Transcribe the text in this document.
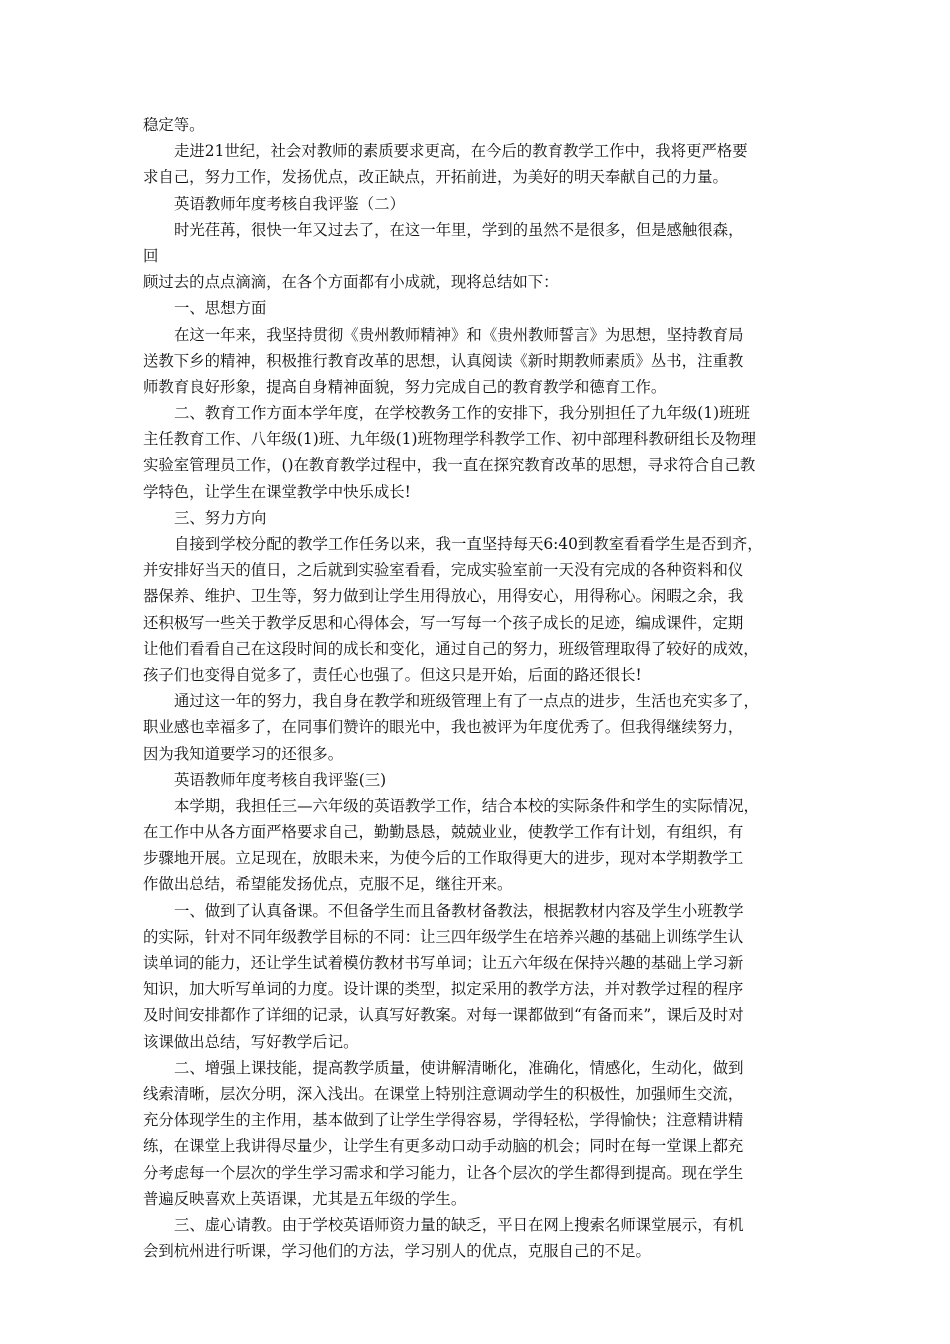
稳定等。
走进21世纪，社会对教师的素质要求更高，在今后的教育教学工作中，我将更严格要
求自己，努力工作，发扬优点，改正缺点，开拓前进，为美好的明天奉献自己的力量。
英语教师年度考核自我评鉴（二）
时光荏苒，很快一年又过去了，在这一年里，学到的虽然不是很多，但是感触很森，
回
顾过去的点点滴滴，在各个方面都有小成就，现将总结如下：
一、思想方面
在这一年来，我坚持贯彻《贵州教师精神》和《贵州教师誓言》为思想，坚持教育局
送教下乡的精神，积极推行教育改革的思想，认真阅读《新时期教师素质》丛书，注重教
师教育良好形象，提高自身精神面貌，努力完成自己的教育教学和德育工作。
二、教育工作方面本学年度，在学校教务工作的安排下，我分别担任了九年级(1)班班
主任教育工作、八年级(1)班、九年级(1)班物理学科教学工作、初中部理科教研组长及物理
实验室管理员工作，()在教育教学过程中，我一直在探究教育改革的思想，寻求符合自己教
学特色，让学生在课堂教学中快乐成长!
三、努力方向
自接到学校分配的教学工作任务以来，我一直坚持每天6:40到教室看看学生是否到齐，
并安排好当天的值日，之后就到实验室看看，完成实验室前一天没有完成的各种资料和仪
器保养、维护、卫生等，努力做到让学生用得放心，用得安心，用得称心。闲暇之余，我
还积极写一些关于教学反思和心得体会，写一写每一个孩子成长的足迹，编成课件，定期
让他们看看自己在这段时间的成长和变化，通过自己的努力，班级管理取得了较好的成效，
孩子们也变得自觉多了，责任心也强了。但这只是开始，后面的路还很长!
通过这一年的努力，我自身在教学和班级管理上有了一点点的进步，生活也充实多了，
职业感也幸福多了，在同事们赞许的眼光中，我也被评为年度优秀了。但我得继续努力，
因为我知道要学习的还很多。
英语教师年度考核自我评鉴(三)
本学期，我担任三—六年级的英语教学工作，结合本校的实际条件和学生的实际情况，
在工作中从各方面严格要求自己，勤勤恳恳，兢兢业业，使教学工作有计划，有组织，有
步骤地开展。立足现在，放眼未来，为使今后的工作取得更大的进步，现对本学期教学工
作做出总结，希望能发扬优点，克服不足，继往开来。
一、做到了认真备课。不但备学生而且备教材备教法，根据教材内容及学生小班教学
的实际，针对不同年级教学目标的不同：让三四年级学生在培养兴趣的基础上训练学生认
读单词的能力，还让学生试着模仿教材书写单词；让五六年级在保持兴趣的基础上学习新
知识，加大听写单词的力度。设计课的类型，拟定采用的教学方法，并对教学过程的程序
及时间安排都作了详细的记录，认真写好教案。对每一课都做到“有备而来”，课后及时对
该课做出总结，写好教学后记。
二、增强上课技能，提高教学质量，使讲解清晰化，准确化，情感化，生动化，做到
线索清晰，层次分明，深入浅出。在课堂上特别注意调动学生的积极性，加强师生交流，
充分体现学生的主作用，基本做到了让学生学得容易，学得轻松，学得愉快；注意精讲精
练，在课堂上我讲得尽量少，让学生有更多动口动手动脑的机会；同时在每一堂课上都充
分考虑每一个层次的学生学习需求和学习能力，让各个层次的学生都得到提高。现在学生
普遍反映喜欢上英语课，尤其是五年级的学生。
三、虚心请教。由于学校英语师资力量的缺乏，平日在网上搜索名师课堂展示，有机
会到杭州进行听课，学习他们的方法，学习别人的优点，克服自己的不足。
